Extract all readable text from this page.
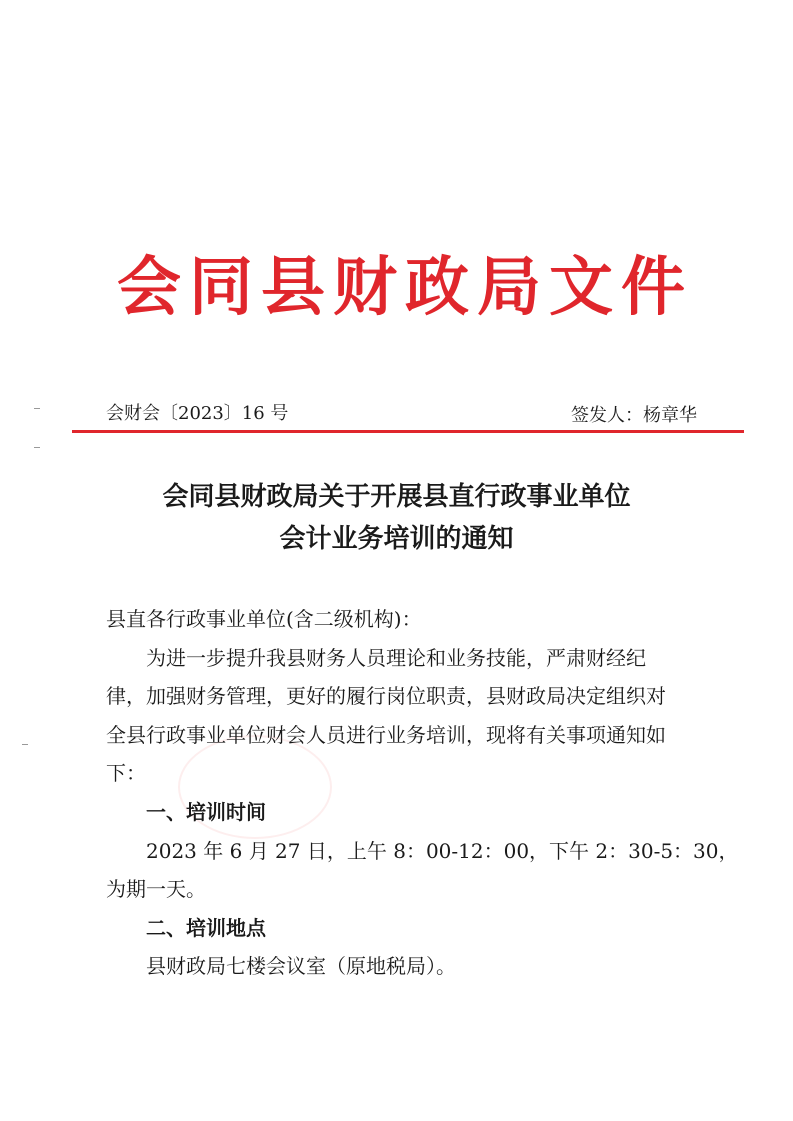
会同县财政局文件
会财会〔2023〕16 号	签发人：杨章华
会同县财政局关于开展县直行政事业单位
会计业务培训的通知
县直各行政事业单位(含二级机构)：
为进一步提升我县财务人员理论和业务技能，严肃财经纪
律，加强财务管理，更好的履行岗位职责，县财政局决定组织对
全县行政事业单位财会人员进行业务培训，现将有关事项通知如
下：
一、培训时间
2023 年 6 月 27 日，上午 8：00-12：00，下午 2：30-5：30，
为期一天。
二、培训地点
县财政局七楼会议室（原地税局）。
